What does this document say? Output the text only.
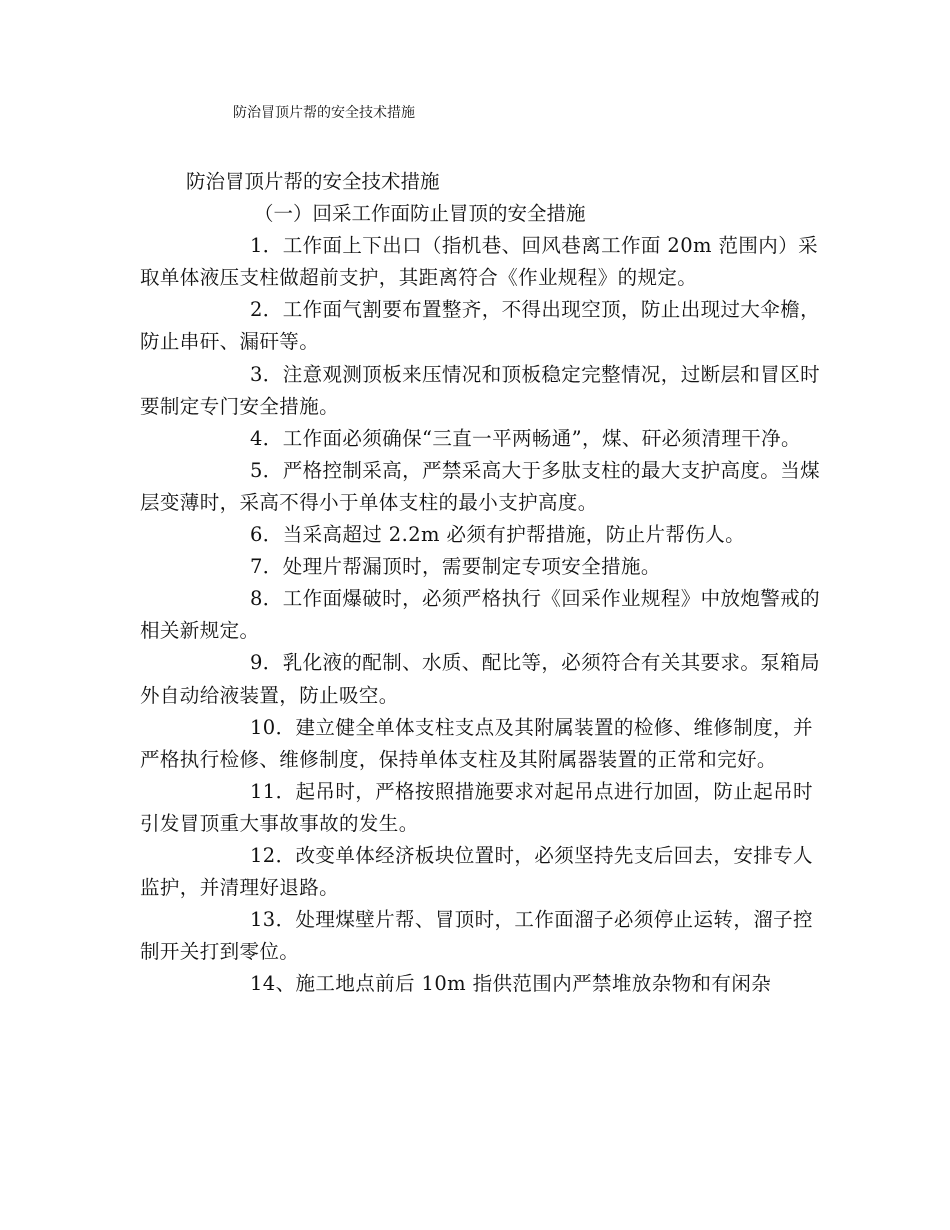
防治冒顶片帮的安全技术措施
防治冒顶片帮的安全技术措施
（一）回采工作面防止冒顶的安全措施

1．工作面上下出口（指机巷、回风巷离工作面 20m 范围内）采取单体液压支柱做超前支护，其距离符合《作业规程》的规定。

2．工作面气割要布置整齐，不得出现空顶，防止出现过大伞檐，防止串矸、漏矸等。

3．注意观测顶板来压情况和顶板稳定完整情况，过断层和冒区时要制定专门安全措施。

4．工作面必须确保“三直一平两畅通”，煤、矸必须清理干净。

5．严格控制采高，严禁采高大于多肽支柱的最大支护高度。当煤层变薄时，采高不得小于单体支柱的最小支护高度。

6．当采高超过 2.2m 必须有护帮措施，防止片帮伤人。

7．处理片帮漏顶时，需要制定专项安全措施。

8．工作面爆破时，必须严格执行《回采作业规程》中放炮警戒的相关新规定。

9．乳化液的配制、水质、配比等，必须符合有关其要求。泵箱局外自动给液装置，防止吸空。

10．建立健全单体支柱支点及其附属装置的检修、维修制度，并严格执行检修、维修制度，保持单体支柱及其附属器装置的正常和完好。

11．起吊时，严格按照措施要求对起吊点进行加固，防止起吊时引发冒顶重大事故事故的发生。

12．改变单体经济板块位置时，必须坚持先支后回去，安排专人监护，并清理好退路。

13．处理煤壁片帮、冒顶时，工作面溜子必须停止运转，溜子控制开关打到零位。

14、施工地点前后 10m 指供范围内严禁堆放杂物和有闲杂
